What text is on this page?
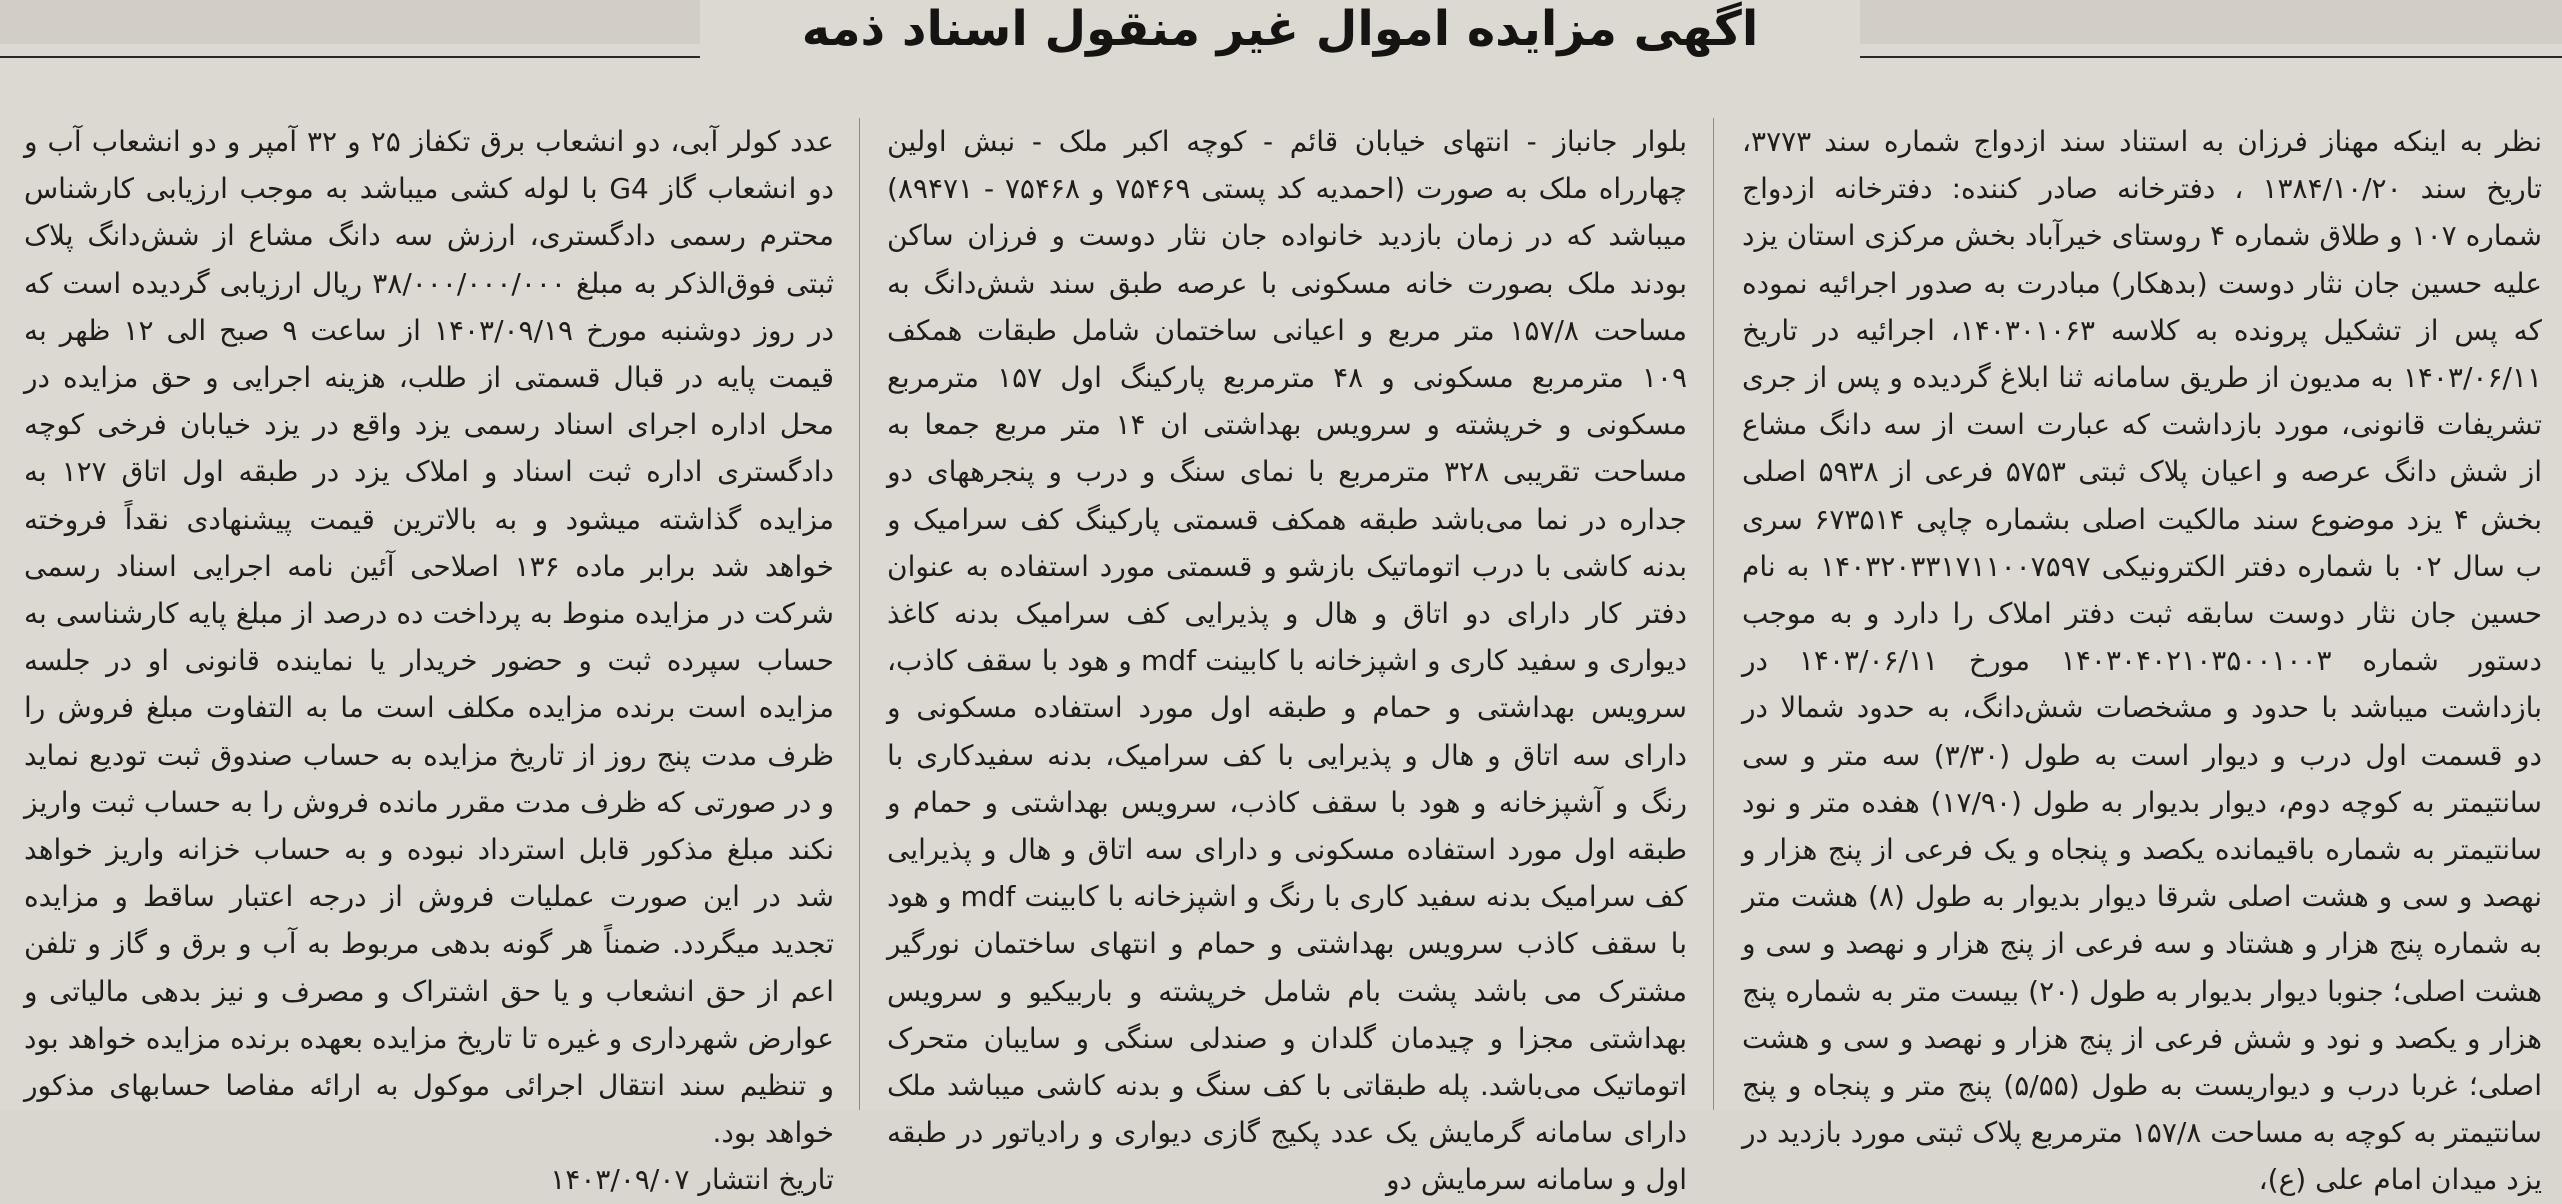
اگهی مزایده اموال غیر منقول اسناد ذمه

نظر به اینکه مهناز فرزان به استناد سند ازدواج شماره سند ۳۷۷۳، تاریخ سند ۱۳۸۴/۱۰/۲۰ ، دفترخانه صادر کننده: دفترخانه ازدواج شماره ۱۰۷ و طلاق شماره ۴ روستای خیرآباد بخش مرکزی استان یزد علیه حسین جان نثار دوست (بدهکار) مبادرت به صدور اجرائیه نموده که پس از تشکیل پرونده به کلاسه ۱۴۰۳۰۱۰۶۳، اجرائیه در تاریخ ۱۴۰۳/۰۶/۱۱ به مدیون از طریق سامانه ثنا ابلاغ گردیده و پس از جری تشریفات قانونی، مورد بازداشت که عبارت است از سه دانگ مشاع از شش دانگ عرصه و اعیان پلاک ثبتی ۵۷۵۳ فرعی از ۵۹۳۸ اصلی بخش ۴ یزد موضوع سند مالکیت اصلی بشماره چاپی ۶۷۳۵۱۴ سری ب سال ۰۲ با شماره دفتر الکترونیکی ۱۴۰۳۲۰۳۳۱۷۱۱۰۰۷۵۹۷ به نام حسین جان نثار دوست سابقه ثبت دفتر املاک را دارد و به موجب دستور شماره ۱۴۰۳۰۴۰۲۱۰۳۵۰۰۱۰۰۳ مورخ ۱۴۰۳/۰۶/۱۱ در بازداشت میباشد با حدود و مشخصات شش‌دانگ، به حدود شمالا در دو قسمت اول درب و دیوار است به طول (۳/۳۰) سه متر و سی سانتیمتر به کوچه دوم، دیوار بدیوار به طول (۱۷/۹۰) هفده متر و نود سانتیمتر به شماره باقیمانده یکصد و پنجاه و یک فرعی از پنج هزار و نهصد و سی و هشت اصلی شرقا دیوار بدیوار به طول (۸) هشت متر به شماره پنج هزار و هشتاد و سه فرعی از پنج هزار و نهصد و سی و هشت اصلی؛ جنوبا دیوار بدیوار به طول (۲۰) بیست متر به شماره پنج هزار و یکصد و نود و شش فرعی از پنج هزار و نهصد و سی و هشت اصلی؛ غربا درب و دیواریست به طول (۵/۵۵) پنج متر و پنجاه و پنج سانتیمتر به کوچه به مساحت ۱۵۷/۸ مترمربع پلاک ثبتی مورد بازدید در یزد میدان امام علی (ع)،

بلوار جانباز - انتهای خیابان قائم - کوچه اکبر ملک - نبش اولین چهارراه ملک به صورت (احمدیه کد پستی ۷۵۴۶۹ و ۷۵۴۶۸ - ۸۹۴۷۱) میباشد که در زمان بازدید خانواده جان نثار دوست و فرزان ساکن بودند ملک بصورت خانه مسکونی با عرصه طبق سند شش‌دانگ به مساحت ۱۵۷/۸ متر مربع و اعیانی ساختمان شامل طبقات همکف ۱۰۹ مترمربع مسکونی و ۴۸ مترمربع پارکینگ اول ۱۵۷ مترمربع مسکونی و خرپشته و سرویس بهداشتی ان ۱۴ متر مربع جمعا به مساحت تقریبی ۳۲۸ مترمربع با نمای سنگ و درب و پنجرههای دو جداره در نما می‌باشد طبقه همکف قسمتی پارکینگ کف سرامیک و بدنه کاشی با درب اتوماتیک بازشو و قسمتی مورد استفاده به عنوان دفتر کار دارای دو اتاق و هال و پذیرایی کف سرامیک بدنه کاغذ دیواری و سفید کاری و اشپزخانه با کابینت mdf و هود با سقف کاذب، سرویس بهداشتی و حمام و طبقه اول مورد استفاده مسکونی و دارای سه اتاق و هال و پذیرایی با کف سرامیک، بدنه سفیدکاری با رنگ و آشپزخانه و هود با سقف کاذب، سرویس بهداشتی و حمام و طبقه اول مورد استفاده مسکونی و دارای سه اتاق و هال و پذیرایی کف سرامیک بدنه سفید کاری با رنگ و اشپزخانه با کابینت mdf و هود با سقف کاذب سرویس بهداشتی و حمام و انتهای ساختمان نورگیر مشترک می باشد پشت بام شامل خرپشته و باربیکیو و سرویس بهداشتی مجزا و چیدمان گلدان و صندلی سنگی و سایبان متحرک اتوماتیک می‌باشد. پله طبقاتی با کف سنگ و بدنه کاشی میباشد ملک دارای سامانه گرمایش یک عدد پکیج گازی دیواری و رادیاتور در طبقه اول و سامانه سرمایش دو

عدد کولر آبی، دو انشعاب برق تکفاز ۲۵ و ۳۲ آمپر و دو انشعاب آب و دو انشعاب گاز G4 با لوله کشی میباشد به موجب ارزیابی کارشناس محترم رسمی دادگستری، ارزش سه دانگ مشاع از شش‌دانگ پلاک ثبتی فوق‌الذکر به مبلغ ۳۸/۰۰۰/۰۰۰/۰۰۰ ریال ارزیابی گردیده است که در روز دوشنبه مورخ ۱۴۰۳/۰۹/۱۹ از ساعت ۹ صبح الی ۱۲ ظهر به قیمت پایه در قبال قسمتی از طلب، هزینه اجرایی و حق مزایده در محل اداره اجرای اسناد رسمی یزد واقع در یزد خیابان فرخی کوچه دادگستری اداره ثبت اسناد و املاک یزد در طبقه اول اتاق ۱۲۷ به مزایده گذاشته میشود و به بالاترین قیمت پیشنهادی نقداً فروخته خواهد شد برابر ماده ۱۳۶ اصلاحی آئین نامه اجرایی اسناد رسمی شرکت در مزایده منوط به پرداخت ده درصد از مبلغ پایه کارشناسی به حساب سپرده ثبت و حضور خریدار یا نماینده قانونی او در جلسه مزایده است برنده مزایده مکلف است ما به التفاوت مبلغ فروش را ظرف مدت پنج روز از تاریخ مزایده به حساب صندوق ثبت تودیع نماید و در صورتی که ظرف مدت مقرر مانده فروش را به حساب ثبت واریز نکند مبلغ مذکور قابل استرداد نبوده و به حساب خزانه واریز خواهد شد در این صورت عملیات فروش از درجه اعتبار ساقط و مزایده تجدید میگردد. ضمناً هر گونه بدهی مربوط به آب و برق و گاز و تلفن اعم از حق انشعاب و یا حق اشتراک و مصرف و نیز بدهی مالیاتی و عوارض شهرداری و غیره تا تاریخ مزایده بعهده برنده مزایده خواهد بود و تنظیم سند انتقال اجرائی موکول به ارائه مفاصا حسابهای مذکور خواهد بود.

تاریخ انتشار ۱۴۰۳/۰۹/۰۷
